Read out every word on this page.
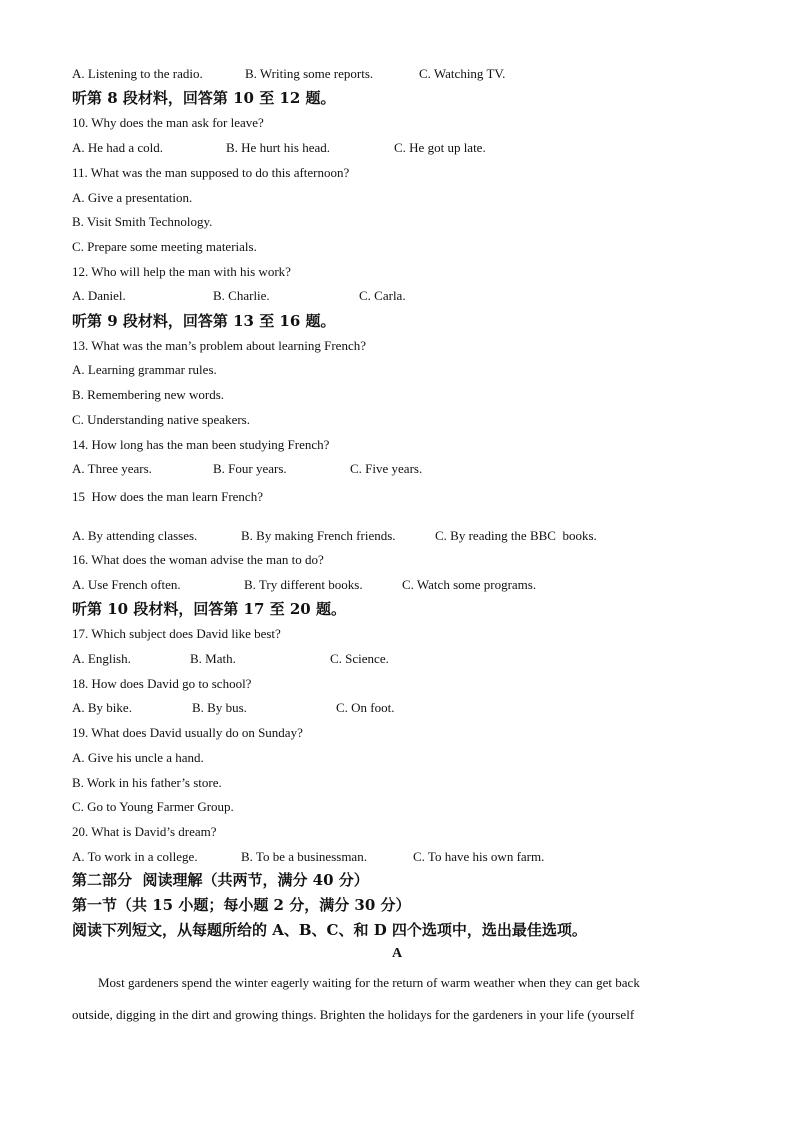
A. Listening to the radio.

	B. Writing some reports.

	C. Watching TV.

听第 8 段材料，回答第 10 至 12 题。
10. Why does the man ask for leave?

A. He had a cold.

	B. He hurt his head.

	C. He got up late.

11. What was the man supposed to do this afternoon?
A. Give a presentation.
B. Visit Smith Technology.
C. Prepare some meeting materials.
12. Who will help the man with his work?

A. Daniel.

	B. Charlie.

	C. Carla.

听第 9 段材料，回答第 13 至 16 题。
13. What was the man’s problem about learning French?
A. Learning grammar rules.
B. Remembering new words.
C. Understanding native speakers.
14. How long has the man been studying French?

A. Three years.

	B. Four years.

	C. Five years.

15  How does the man learn French?

A. By attending classes.

	B. By making French friends.

	C. By reading the BBC  books.

16. What does the woman advise the man to do?

A. Use French often.

	B. Try different books.

	C. Watch some programs.

听第 10 段材料，回答第 17 至 20 题。
17. Which subject does David like best?

A. English.

	B. Math.

	C. Science.

18. How does David go to school?

A. By bike.

	B. By bus.

	C. On foot.

19. What does David usually do on Sunday?
A. Give his uncle a hand.
B. Work in his father’s store.
C. Go to Young Farmer Group.
20. What is David’s dream?

A. To work in a college.

	B. To be a businessman.

	C. To have his own farm.

第二部分  阅读理解（共两节，满分 40 分）
第一节（共 15 小题；每小题 2 分，满分 30 分）
阅读下列短文，从每题所给的 A、B、C、和 D 四个选项中，选出最佳选项。
A
Most gardeners spend the winter eagerly waiting for the return of warm weather when they can get back
outside, digging in the dirt and growing things. Brighten the holidays for the gardeners in your life (yourself
